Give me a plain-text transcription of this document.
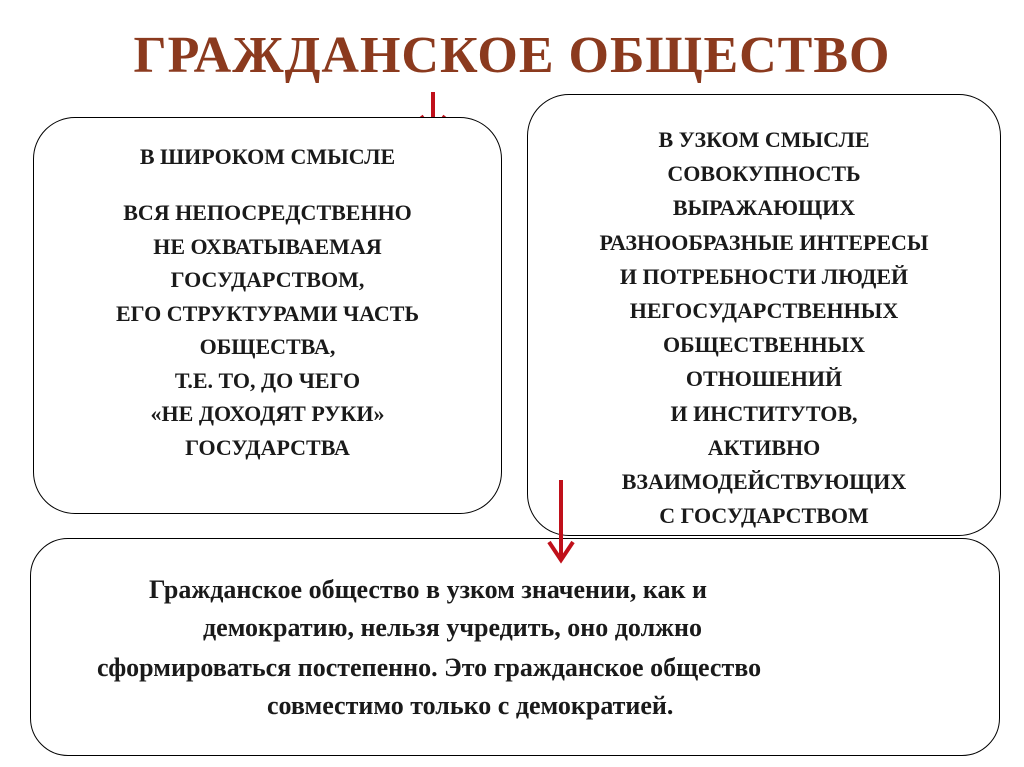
ГРАЖДАНСКОЕ ОБЩЕСТВО
В ШИРОКОМ СМЫСЛЕ
ВСЯ НЕПОСРЕДСТВЕННО
НЕ ОХВАТЫВАЕМАЯ
ГОСУДАРСТВОМ,
ЕГО СТРУКТУРАМИ ЧАСТЬ
ОБЩЕСТВА,
Т.Е. ТО, ДО ЧЕГО
«НЕ ДОХОДЯТ РУКИ»
ГОСУДАРСТВА
В УЗКОМ СМЫСЛЕ
СОВОКУПНОСТЬ
ВЫРАЖАЮЩИХ
РАЗНООБРАЗНЫЕ ИНТЕРЕСЫ
И ПОТРЕБНОСТИ ЛЮДЕЙ
НЕГОСУДАРСТВЕННЫХ
ОБЩЕСТВЕННЫХ
ОТНОШЕНИЙ
И ИНСТИТУТОВ,
АКТИВНО
ВЗАИМОДЕЙСТВУЮЩИХ
С ГОСУДАРСТВОМ
Гражданское общество в узком значении, как и
демократию, нельзя учредить, оно должно
сформироваться постепенно. Это гражданское общество
совместимо только с демократией.
